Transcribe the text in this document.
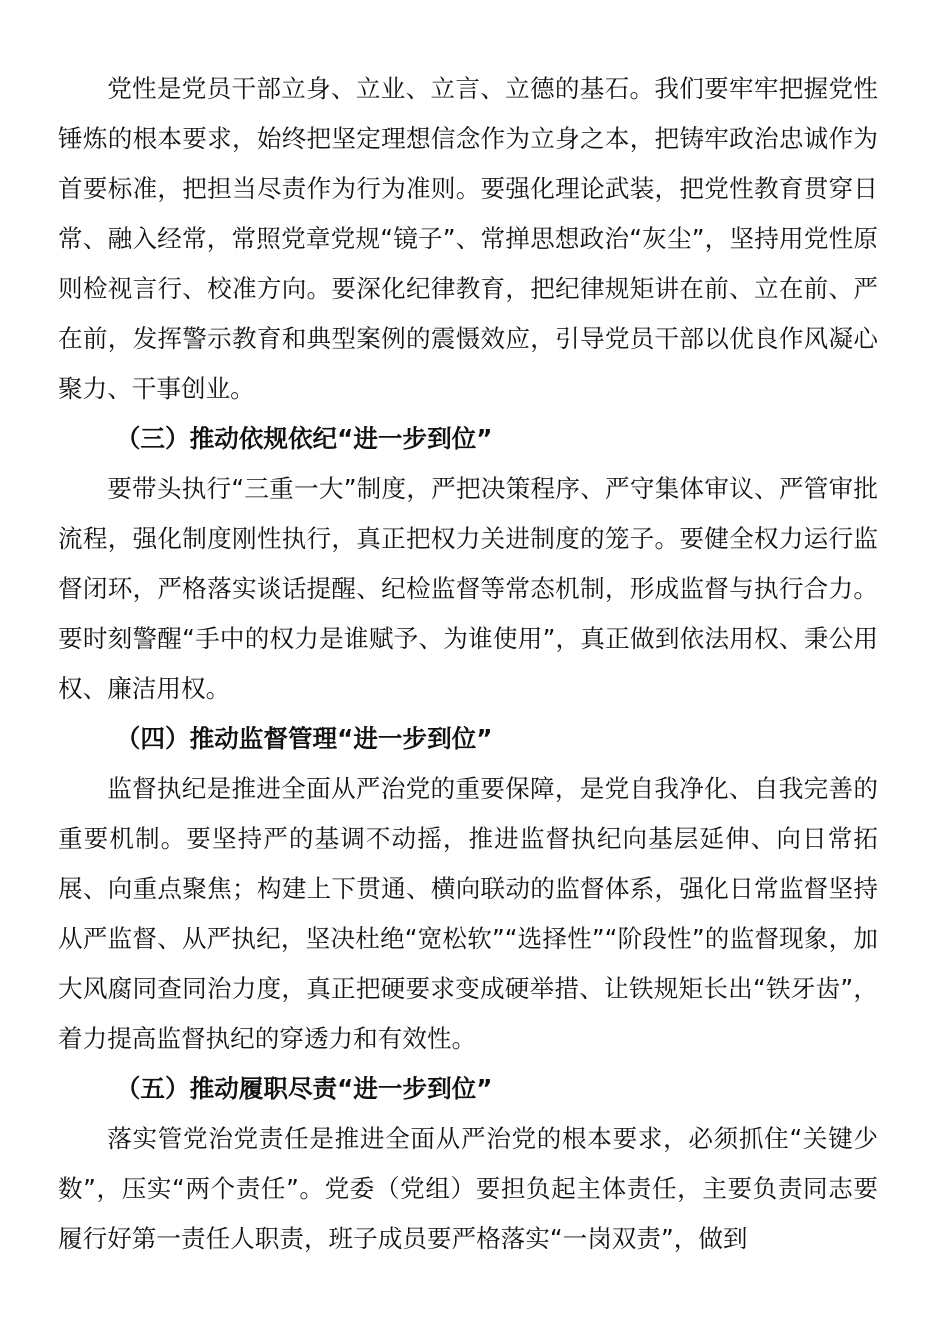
党性是党员干部立身、立业、立言、立德的基石。我们要牢牢把握党性锤炼的根本要求，始终把坚定理想信念作为立身之本，把铸牢政治忠诚作为首要标准，把担当尽责作为行为准则。要强化理论武装，把党性教育贯穿日常、融入经常，常照党章党规“镜子”、常掸思想政治“灰尘”，坚持用党性原则检视言行、校准方向。要深化纪律教育，把纪律规矩讲在前、立在前、严在前，发挥警示教育和典型案例的震慑效应，引导党员干部以优良作风凝心聚力、干事创业。

（三）推动依规依纪“进一步到位”

要带头执行“三重一大”制度，严把决策程序、严守集体审议、严管审批流程，强化制度刚性执行，真正把权力关进制度的笼子。要健全权力运行监督闭环，严格落实谈话提醒、纪检监督等常态机制，形成监督与执行合力。要时刻警醒“手中的权力是谁赋予、为谁使用”，真正做到依法用权、秉公用权、廉洁用权。

（四）推动监督管理“进一步到位”

监督执纪是推进全面从严治党的重要保障，是党自我净化、自我完善的重要机制。要坚持严的基调不动摇，推进监督执纪向基层延伸、向日常拓展、向重点聚焦；构建上下贯通、横向联动的监督体系，强化日常监督坚持从严监督、从严执纪，坚决杜绝“宽松软”“选择性”“阶段性”的监督现象，加大风腐同查同治力度，真正把硬要求变成硬举措、让铁规矩长出“铁牙齿”，着力提高监督执纪的穿透力和有效性。

（五）推动履职尽责“进一步到位”

落实管党治党责任是推进全面从严治党的根本要求，必须抓住“关键少数”，压实“两个责任”。党委（党组）要担负起主体责任，主要负责同志要履行好第一责任人职责，班子成员要严格落实“一岗双责”，做到
